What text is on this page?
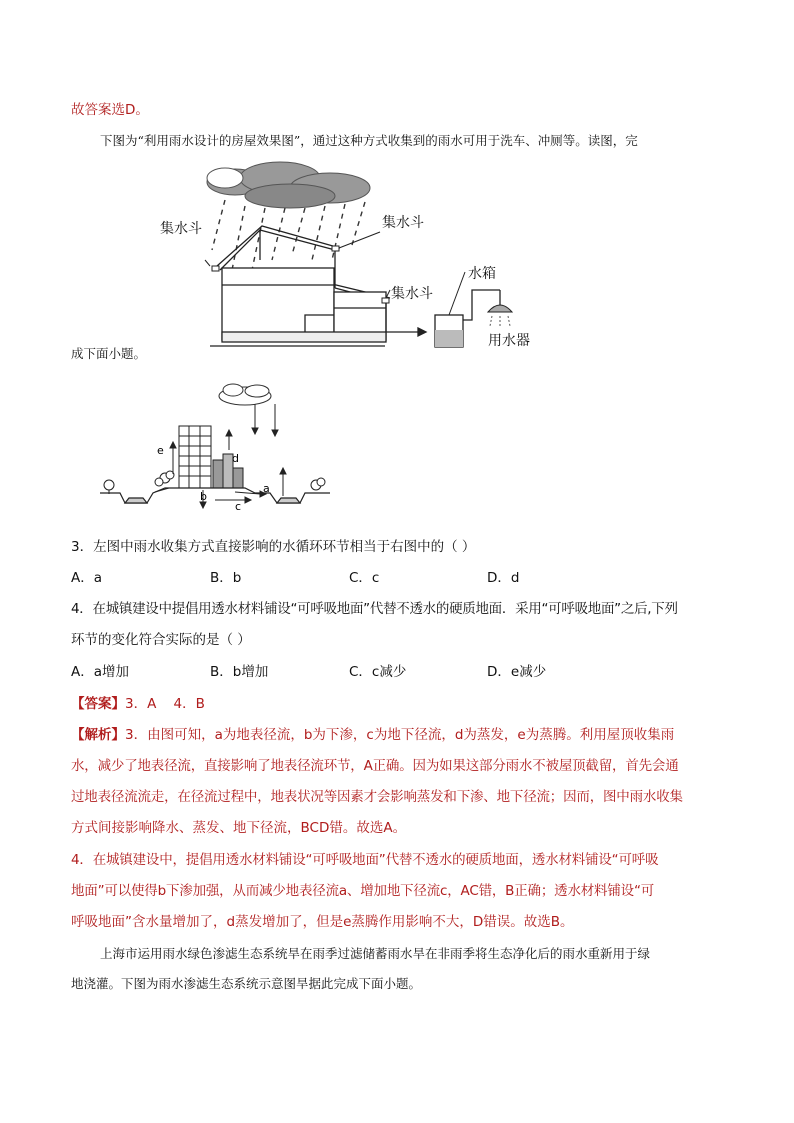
故答案选D。
下图为“利用雨水设计的房屋效果图”，通过这种方式收集到的雨水可用于洗车、冲厕等。读图，完
成下面小题。
集水斗	集水斗
集水斗
水箱
用水器
e
d
b
c
a
3．左图中雨水收集方式直接影响的水循环环节相当于右图中的（ ）
A．a	B．b	C．c	D．d
4．在城镇建设中提倡用透水材料铺设“可呼吸地面”代替不透水的硬质地面．采用“可呼吸地面”之后,下列
环节的变化符合实际的是（ ）
A．a增加	B．b增加	C．c减少	D．e减少
【答案】3．A    4．B
【解析】3．由图可知，a为地表径流，b为下渗，c为地下径流，d为蒸发，e为蒸腾。利用屋顶收集雨
水，减少了地表径流，直接影响了地表径流环节，A正确。因为如果这部分雨水不被屋顶截留，首先会通
过地表径流流走，在径流过程中，地表状况等因素才会影响蒸发和下渗、地下径流；因而，图中雨水收集
方式间接影响降水、蒸发、地下径流，BCD错。故选A。
4．在城镇建设中，提倡用透水材料铺设“可呼吸地面”代替不透水的硬质地面，透水材料铺设“可呼吸
地面”可以使得b下渗加强，从而减少地表径流a、增加地下径流c，AC错，B正确；透水材料铺设“可
呼吸地面”含水量增加了，d蒸发增加了，但是e蒸腾作用影响不大，D错误。故选B。
上海市运用雨水绿色渗滤生态系统旱在雨季过滤储蓄雨水旱在非雨季将生态净化后的雨水重新用于绿
地浇灌。下图为雨水渗滤生态系统示意图旱据此完成下面小题。
